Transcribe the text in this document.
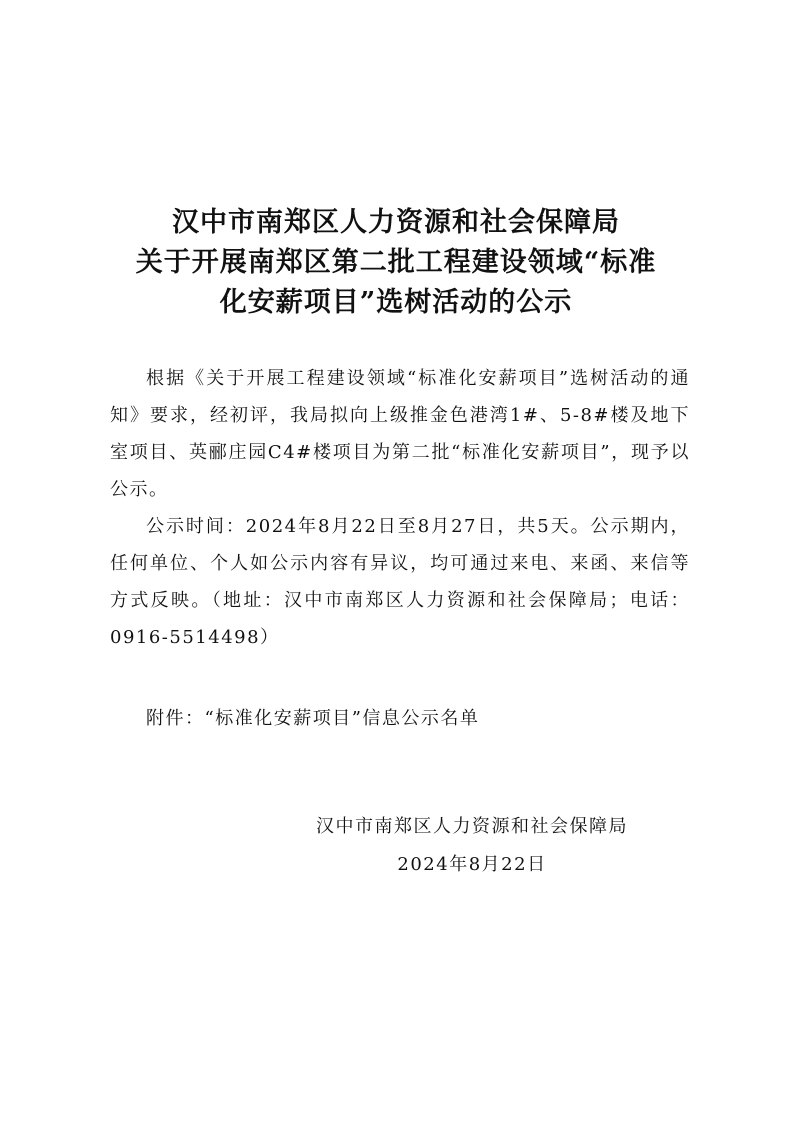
汉中市南郑区人力资源和社会保障局
关于开展南郑区第二批工程建设领域“标准
化安薪项目”选树活动的公示

根据《关于开展工程建设领域“标准化安薪项目”选树活动的通知》要求，经初评，我局拟向上级推金色港湾1#、5-8#楼及地下室项目、英郦庄园C4#楼项目为第二批“标准化安薪项目”，现予以公示。

公示时间：2024年8月22日至8月27日，共5天。公示期内，任何单位、个人如公示内容有异议，均可通过来电、来函、来信等方式反映。（地址：汉中市南郑区人力资源和社会保障局；电话：0916-5514498）

附件：“标准化安薪项目”信息公示名单
汉中市南郑区人力资源和社会保障局
2024年8月22日
